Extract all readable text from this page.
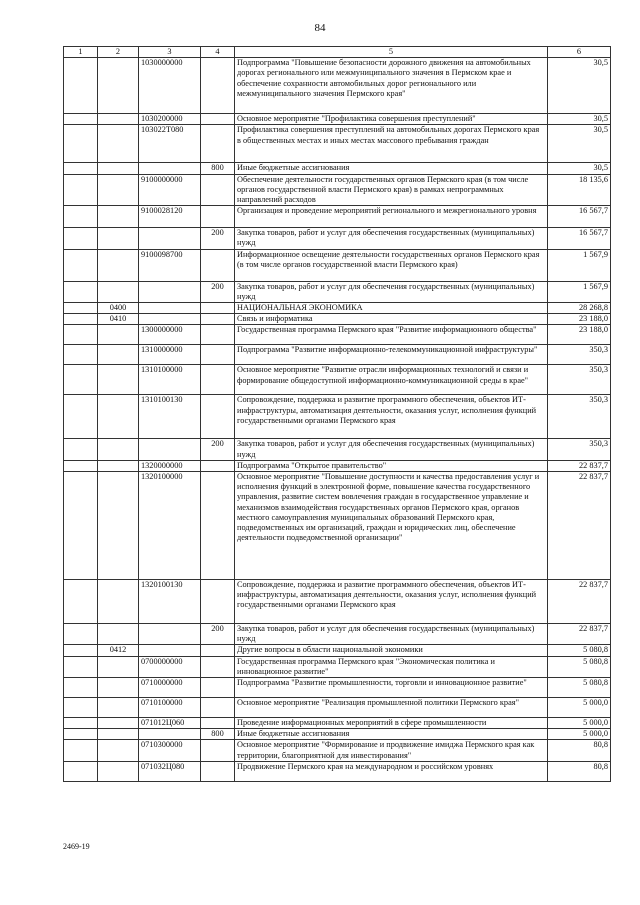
84
1	2	3	4	5	6
		1030000000		Подпрограмма "Повышение безопасности дорожного движения на автомобильных дорогах регионального или межмуниципального значения в Пермском крае и обеспечение сохранности автомобильных дорог регионального или межмуниципального значения Пермского края"	30,5
		1030200000		Основное мероприятие "Профилактика совершения преступлений"	30,5
		103022Т080		Профилактика совершения преступлений на автомобильных дорогах Пермского края в общественных местах и иных местах массового пребывания граждан	30,5
			800	Иные бюджетные ассигнования	30,5
		9100000000		Обеспечение деятельности государственных органов Пермского края (в том числе органов государственной власти Пермского края) в рамках непрограммных направлений расходов	18 135,6
		9100028120		Организация и проведение мероприятий регионального и межрегионального уровня	16 567,7
			200	Закупка товаров, работ и услуг для обеспечения государственных (муниципальных) нужд	16 567,7
		9100098700		Информационное освещение деятельности государственных органов Пермского края (в том числе органов государственной власти Пермского края)	1 567,9
			200	Закупка товаров, работ и услуг для обеспечения государственных (муниципальных) нужд	1 567,9
	0400			НАЦИОНАЛЬНАЯ ЭКОНОМИКА	28 268,8
	0410			Связь и информатика	23 188,0
		1300000000		Государственная программа Пермского края "Развитие информационного общества"	23 188,0
		1310000000		Подпрограмма "Развитие информационно-телекоммуникационной инфраструктуры"	350,3
		1310100000		Основное мероприятие "Развитие отрасли информационных технологий и связи и формирование общедоступной информационно-коммуникационной среды в крае"	350,3
		1310100130		Сопровождение, поддержка и развитие программного обеспечения, объектов ИТ-инфраструктуры, автоматизация деятельности, оказания услуг, исполнения функций государственными органами Пермского края	350,3
			200	Закупка товаров, работ и услуг для обеспечения государственных (муниципальных) нужд	350,3
		1320000000		Подпрограмма "Открытое правительство"	22 837,7
		1320100000		Основное мероприятие "Повышение доступности и качества предоставления услуг и исполнения функций в электронной форме, повышение качества государственного управления, развитие систем вовлечения граждан в государственное управление и механизмов взаимодействия государственных органов Пермского края, органов местного самоуправления муниципальных образований Пермского края, подведомственных им организаций, граждан и юридических лиц, обеспечение деятельности подведомственной организации"	22 837,7
		1320100130		Сопровождение, поддержка и развитие программного обеспечения, объектов ИТ-инфраструктуры, автоматизация деятельности, оказания услуг, исполнения функций государственными органами Пермского края	22 837,7
			200	Закупка товаров, работ и услуг для обеспечения государственных (муниципальных) нужд	22 837,7
	0412			Другие вопросы в области национальной экономики	5 080,8
		0700000000		Государственная программа Пермского края "Экономическая политика и инновационное развитие"	5 080,8
		0710000000		Подпрограмма "Развитие промышленности, торговли и инновационное развитие"	5 080,8
		0710100000		Основное мероприятие "Реализация промышленной политики Пермского края"	5 000,0
		071012Ц060		Проведение информационных мероприятий в сфере промышленности	5 000,0
			800	Иные бюджетные ассигнования	5 000,0
		0710300000		Основное мероприятие "Формирование и продвижение имиджа Пермского края как территории, благоприятной для инвестирования"	80,8
		071032Ц080		Продвижение Пермского края на международном и российском уровнях	80,8
2469-19
